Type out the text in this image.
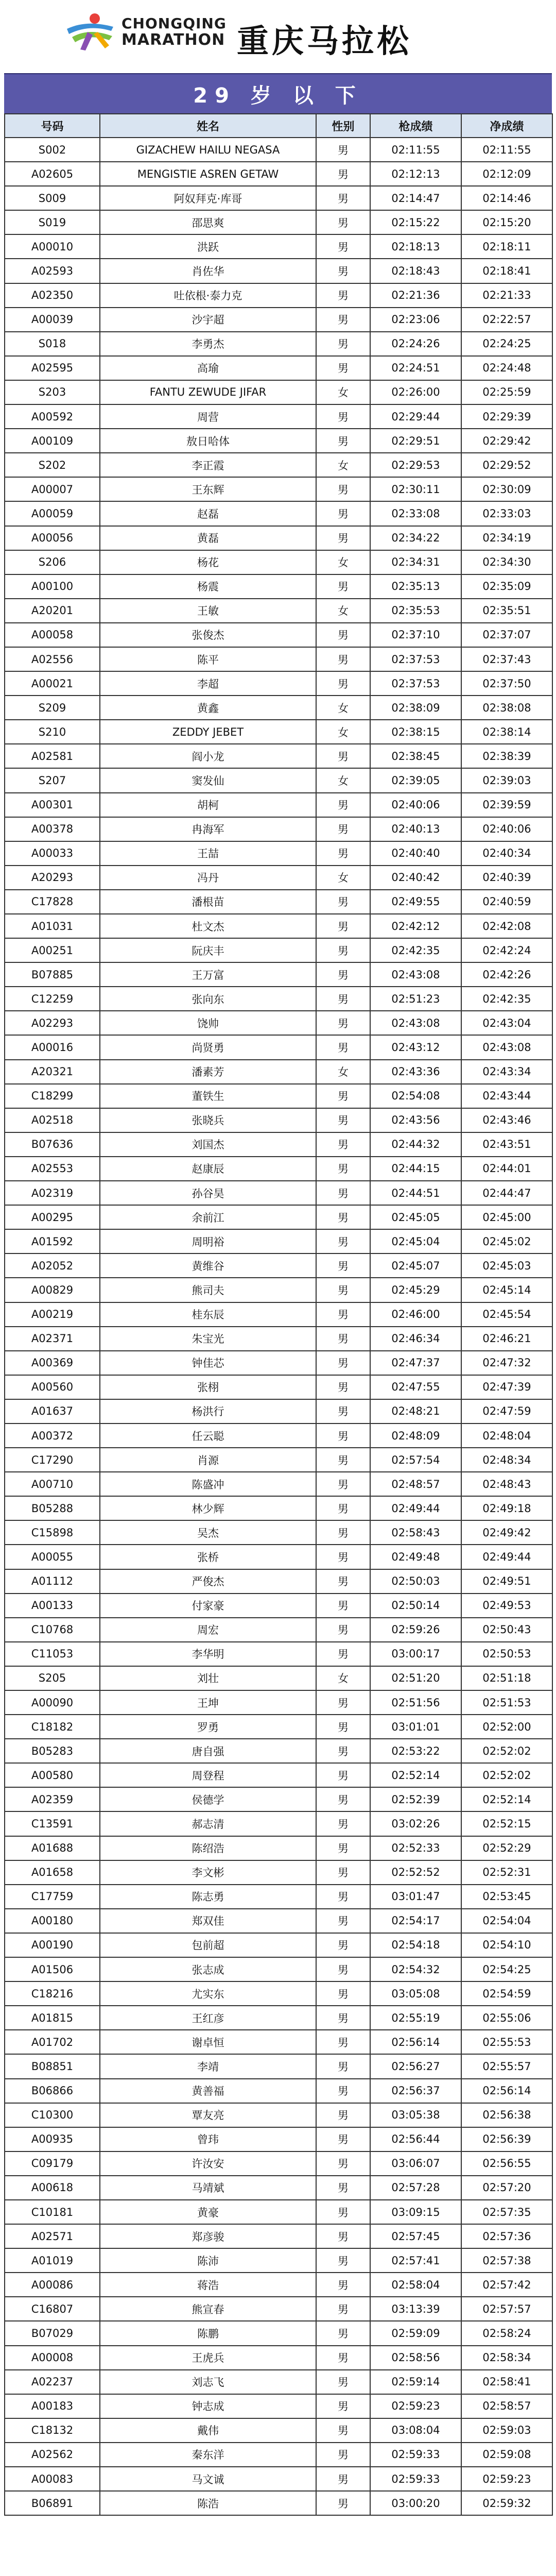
CHONGQING
MARATHON 重庆马拉松
29 岁 以 下
号码	姓名	性别	枪成绩	净成绩
S002	GIZACHEW HAILU NEGASA	男	02:11:55	02:11:55
A02605	MENGISTIE ASREN GETAW	男	02:12:13	02:12:09
S009	阿奴拜克·库哥	男	02:14:47	02:14:46
S019	邵思爽	男	02:15:22	02:15:20
A00010	洪跃	男	02:18:13	02:18:11
A02593	肖佐华	男	02:18:43	02:18:41
A02350	吐依根·泰力克	男	02:21:36	02:21:33
A00039	沙宇超	男	02:23:06	02:22:57
S018	李勇杰	男	02:24:26	02:24:25
A02595	高瑜	男	02:24:51	02:24:48
S203	FANTU ZEWUDE JIFAR	女	02:26:00	02:25:59
A00592	周营	男	02:29:44	02:29:39
A00109	敖日哈体	男	02:29:51	02:29:42
S202	李正霞	女	02:29:53	02:29:52
A00007	王东辉	男	02:30:11	02:30:09
A00059	赵磊	男	02:33:08	02:33:03
A00056	黄磊	男	02:34:22	02:34:19
S206	杨花	女	02:34:31	02:34:30
A00100	杨震	男	02:35:13	02:35:09
A20201	王敏	女	02:35:53	02:35:51
A00058	张俊杰	男	02:37:10	02:37:07
A02556	陈平	男	02:37:53	02:37:43
A00021	李超	男	02:37:53	02:37:50
S209	黄鑫	女	02:38:09	02:38:08
S210	ZEDDY JEBET	女	02:38:15	02:38:14
A02581	阎小龙	男	02:38:45	02:38:39
S207	窦发仙	女	02:39:05	02:39:03
A00301	胡柯	男	02:40:06	02:39:59
A00378	冉海军	男	02:40:13	02:40:06
A00033	王喆	男	02:40:40	02:40:34
A20293	冯丹	女	02:40:42	02:40:39
C17828	潘根苗	男	02:49:55	02:40:59
A01031	杜文杰	男	02:42:12	02:42:08
A00251	阮庆丰	男	02:42:35	02:42:24
B07885	王万富	男	02:43:08	02:42:26
C12259	张向东	男	02:51:23	02:42:35
A02293	饶帅	男	02:43:08	02:43:04
A00016	尚贤勇	男	02:43:12	02:43:08
A20321	潘素芳	女	02:43:36	02:43:34
C18299	董铁生	男	02:54:08	02:43:44
A02518	张晓兵	男	02:43:56	02:43:46
B07636	刘国杰	男	02:44:32	02:43:51
A02553	赵康辰	男	02:44:15	02:44:01
A02319	孙谷昊	男	02:44:51	02:44:47
A00295	余前江	男	02:45:05	02:45:00
A01592	周明裕	男	02:45:04	02:45:02
A02052	黄维谷	男	02:45:07	02:45:03
A00829	熊司夫	男	02:45:29	02:45:14
A00219	桂东辰	男	02:46:00	02:45:54
A02371	朱宝光	男	02:46:34	02:46:21
A00369	钟佳芯	男	02:47:37	02:47:32
A00560	张栩	男	02:47:55	02:47:39
A01637	杨洪行	男	02:48:21	02:47:59
A00372	任云聪	男	02:48:09	02:48:04
C17290	肖源	男	02:57:54	02:48:34
A00710	陈盛冲	男	02:48:57	02:48:43
B05288	林少辉	男	02:49:44	02:49:18
C15898	吴杰	男	02:58:43	02:49:42
A00055	张桥	男	02:49:48	02:49:44
A01112	严俊杰	男	02:50:03	02:49:51
A00133	付家豪	男	02:50:14	02:49:53
C10768	周宏	男	02:59:26	02:50:43
C11053	李华明	男	03:00:17	02:50:53
S205	刘壮	女	02:51:20	02:51:18
A00090	王坤	男	02:51:56	02:51:53
C18182	罗勇	男	03:01:01	02:52:00
B05283	唐自强	男	02:53:22	02:52:02
A00580	周登程	男	02:52:14	02:52:02
A02359	侯德学	男	02:52:39	02:52:14
C13591	郝志清	男	03:02:26	02:52:15
A01688	陈绍浩	男	02:52:33	02:52:29
A01658	李文彬	男	02:52:52	02:52:31
C17759	陈志勇	男	03:01:47	02:53:45
A00180	郑双佳	男	02:54:17	02:54:04
A00190	包前超	男	02:54:18	02:54:10
A01506	张志成	男	02:54:32	02:54:25
C18216	尤实东	男	03:05:08	02:54:59
A01815	王红彦	男	02:55:19	02:55:06
A01702	谢卓恒	男	02:56:14	02:55:53
B08851	李靖	男	02:56:27	02:55:57
B06866	黄善福	男	02:56:37	02:56:14
C10300	覃友亮	男	03:05:38	02:56:38
A00935	曾玮	男	02:56:44	02:56:39
C09179	许汝安	男	03:06:07	02:56:55
A00618	马靖斌	男	02:57:28	02:57:20
C10181	黄豪	男	03:09:15	02:57:35
A02571	郑彦骏	男	02:57:45	02:57:36
A01019	陈沛	男	02:57:41	02:57:38
A00086	蒋浩	男	02:58:04	02:57:42
C16807	熊宣春	男	03:13:39	02:57:57
B07029	陈鹏	男	02:59:09	02:58:24
A00008	王虎兵	男	02:58:56	02:58:34
A02237	刘志飞	男	02:59:14	02:58:41
A00183	钟志成	男	02:59:23	02:58:57
C18132	戴伟	男	03:08:04	02:59:03
A02562	秦东洋	男	02:59:33	02:59:08
A00083	马文诚	男	02:59:33	02:59:23
B06891	陈浩	男	03:00:20	02:59:32
